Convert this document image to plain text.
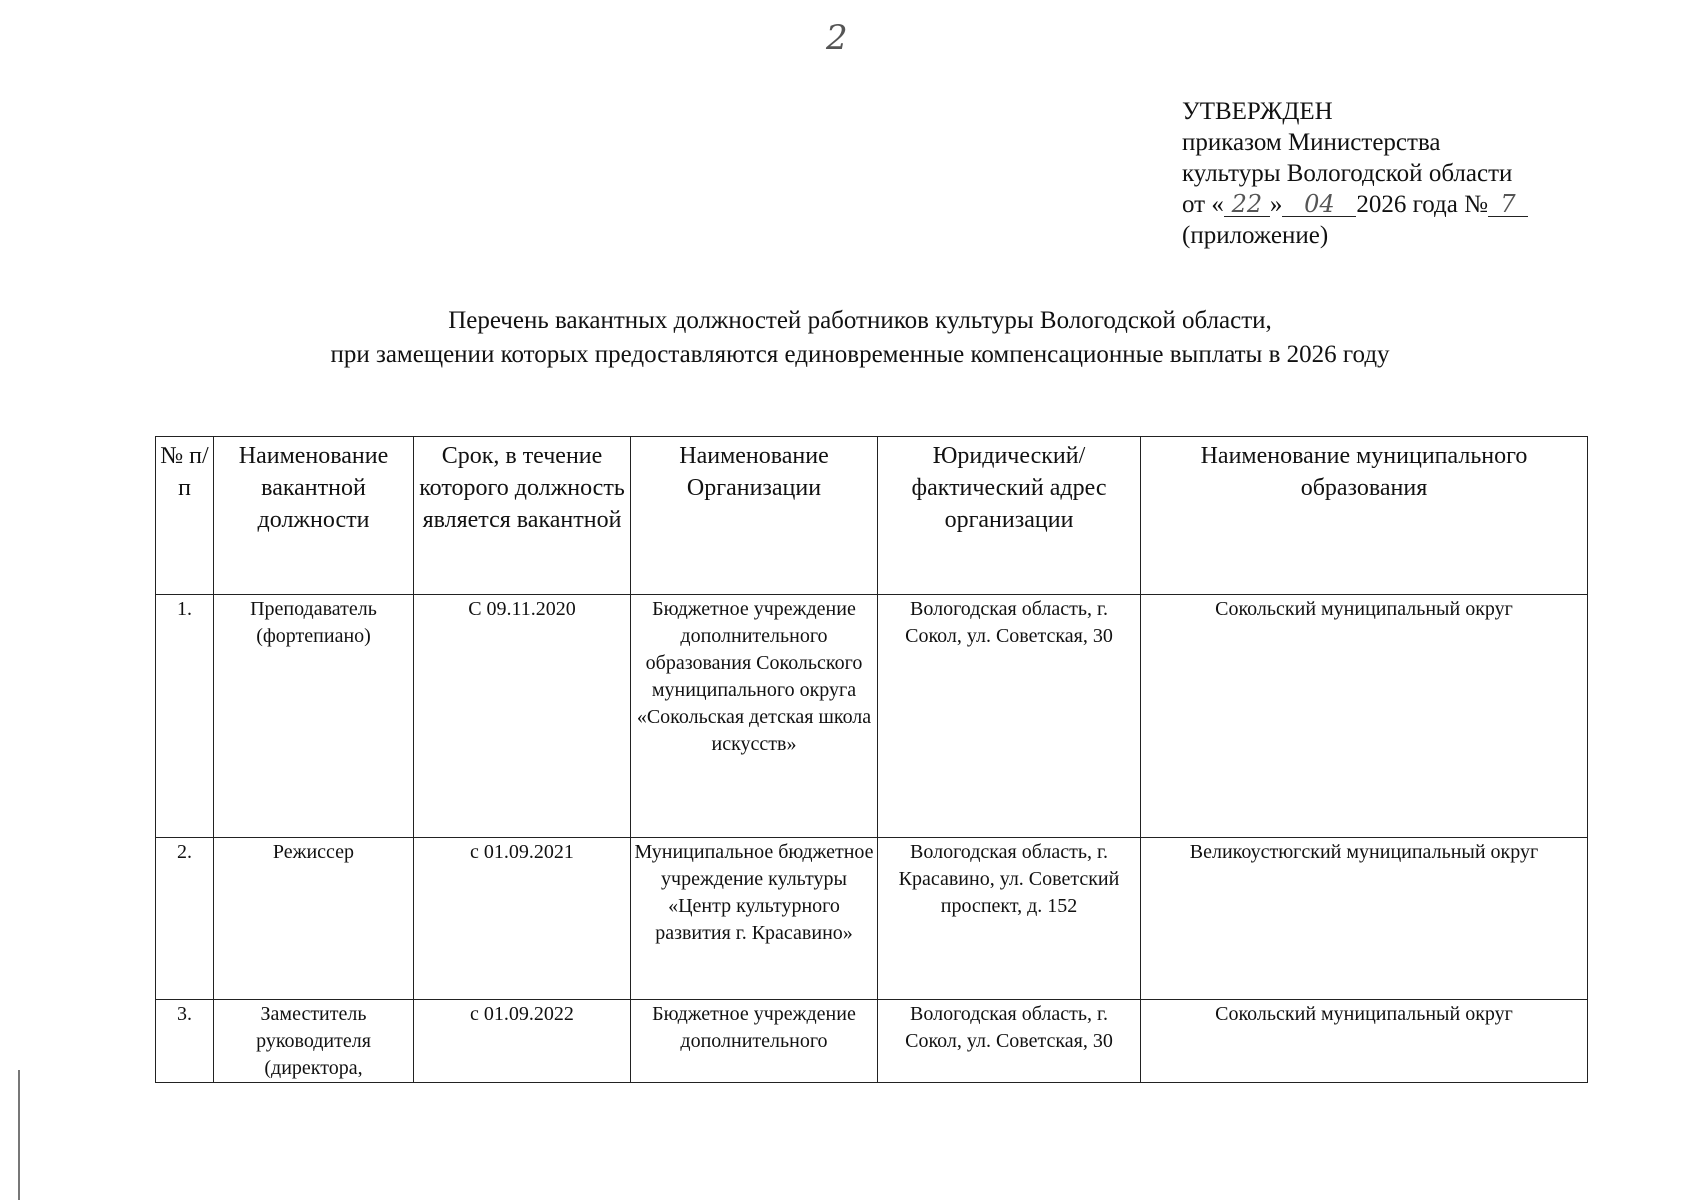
2
УТВЕРЖДЕН
приказом Министерства
культуры Вологодской области
от « 22 » 04 2026 года № 7
(приложение)
Перечень вакантных должностей работников культуры Вологодской области,
при замещении которых предоставляются единовременные компенсационные выплаты в 2026 году
№ п/п	Наименование вакантной должности	Срок, в течение которого должность является вакантной	Наименование Организации	Юридический/фактический адрес организации	Наименование муниципального образования
1.	Преподаватель (фортепиано)	С 09.11.2020	Бюджетное учреждение дополнительного образования Сокольского муниципального округа «Сокольская детская школа искусств»	Вологодская область, г. Сокол, ул. Советская, 30	Сокольский муниципальный округ
2.	Режиссер	с 01.09.2021	Муниципальное бюджетное учреждение культуры «Центр культурного развития г. Красавино»	Вологодская область, г. Красавино, ул. Советский проспект, д. 152	Великоустюгский муниципальный округ
3.	Заместитель руководителя (директора,	с 01.09.2022	Бюджетное учреждение дополнительного	Вологодская область, г. Сокол, ул. Советская, 30	Сокольский муниципальный округ
